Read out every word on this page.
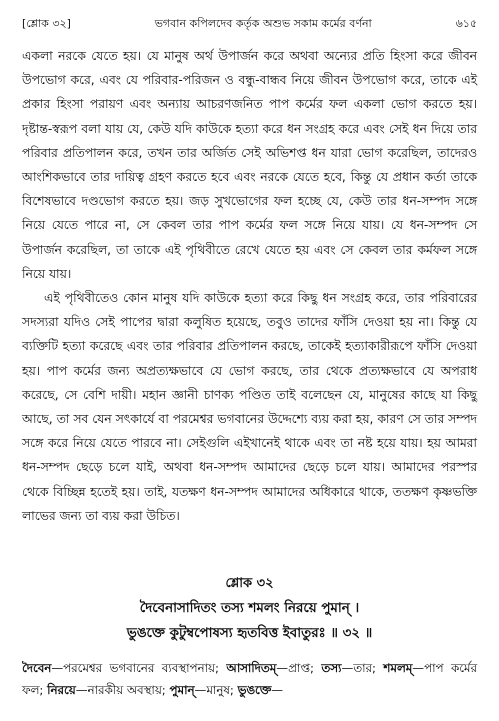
[শ্লোক ৩২]	ভগবান কপিলদেব কর্তৃক অশুভ সকাম কর্মের বর্ণনা	৬১৫

একলা নরকে যেতে হয়। যে মানুষ অর্থ উপার্জন করে অথবা অন্যের প্রতি হিংসা করে জীবন উপভোগ করে, এবং যে পরিবার-পরিজন ও বন্ধু-বান্ধব নিয়ে জীবন উপভোগ করে, তাকে এই প্রকার হিংসা পরায়ণ এবং অন্যায় আচরণজনিত পাপ কর্মের ফল একলা ভোগ করতে হয়। দৃষ্টান্ত-স্বরূপ বলা যায় যে, কেউ যদি কাউকে হত্যা করে ধন সংগ্রহ করে এবং সেই ধন দিয়ে তার পরিবার প্রতিপালন করে, তখন তার অর্জিত সেই অভিশপ্ত ধন যারা ভোগ করেছিল, তাদেরও আংশিকভাবে তার দায়িত্ব গ্রহণ করতে হবে এবং নরকে যেতে হবে, কিন্তু যে প্রধান কর্তা তাকে বিশেষভাবে দণ্ডভোগ করতে হয়। জড় সুখভোগের ফল হচ্ছে যে, কেউ তার ধন-সম্পদ সঙ্গে নিয়ে যেতে পারে না, সে কেবল তার পাপ কর্মের ফল সঙ্গে নিয়ে যায়। যে ধন-সম্পদ সে উপার্জন করেছিল, তা তাকে এই পৃথিবীতে রেখে যেতে হয় এবং সে কেবল তার কর্মফল সঙ্গে নিয়ে যায়।

এই পৃথিবীতেও কোন মানুষ যদি কাউকে হত্যা করে কিছু ধন সংগ্রহ করে, তার পরিবারের সদস্যরা যদিও সেই পাপের দ্বারা কলুষিত হয়েছে, তবুও তাদের ফাঁসি দেওয়া হয় না। কিন্তু যে ব্যক্তিটি হত্যা করেছে এবং তার পরিবার প্রতিপালন করছে, তাকেই হত্যাকারীরূপে ফাঁসি দেওয়া হয়। পাপ কর্মের জন্য অপ্রত্যক্ষভাবে যে ভোগ করছে, তার থেকে প্রত্যক্ষভাবে যে অপরাধ করেছে, সে বেশি দায়ী। মহান জ্ঞানী চাণক্য পণ্ডিত তাই বলেছেন যে, মানুষের কাছে যা কিছু আছে, তা সব যেন সৎকার্যে বা পরমেশ্বর ভগবানের উদ্দেশ্যে ব্যয় করা হয়, কারণ সে তার সম্পদ সঙ্গে করে নিয়ে যেতে পারবে না। সেইগুলি এইখানেই থাকে এবং তা নষ্ট হয়ে যায়। হয় আমরা ধন-সম্পদ ছেড়ে চলে যাই, অথবা ধন-সম্পদ আমাদের ছেড়ে চলে যায়। আমাদের পরস্পর থেকে বিচ্ছিন্ন হতেই হয়। তাই, যতক্ষণ ধন-সম্পদ আমাদের অধিকারে থাকে, ততক্ষণ কৃষ্ণভক্তি লাভের জন্য তা ব্যয় করা উচিত।

শ্লোক ৩২
দৈবেনাসাদিতং তস্য শমলং নিরয়ে পুমান্ ।
ভুঙক্তে কুটুম্বপোষস্য হৃতবিত্ত ইবাতুরঃ ॥ ৩২ ॥
দৈবেন—পরমেশ্বর ভগবানের ব্যবস্থাপনায়; আসাদিতম্—প্রাপ্ত; তস্য—তার; শমলম্—পাপ কর্মের ফল; নিরয়ে—নারকীয় অবস্থায়; পুমান্—মানুষ; ভুঙক্তে—
